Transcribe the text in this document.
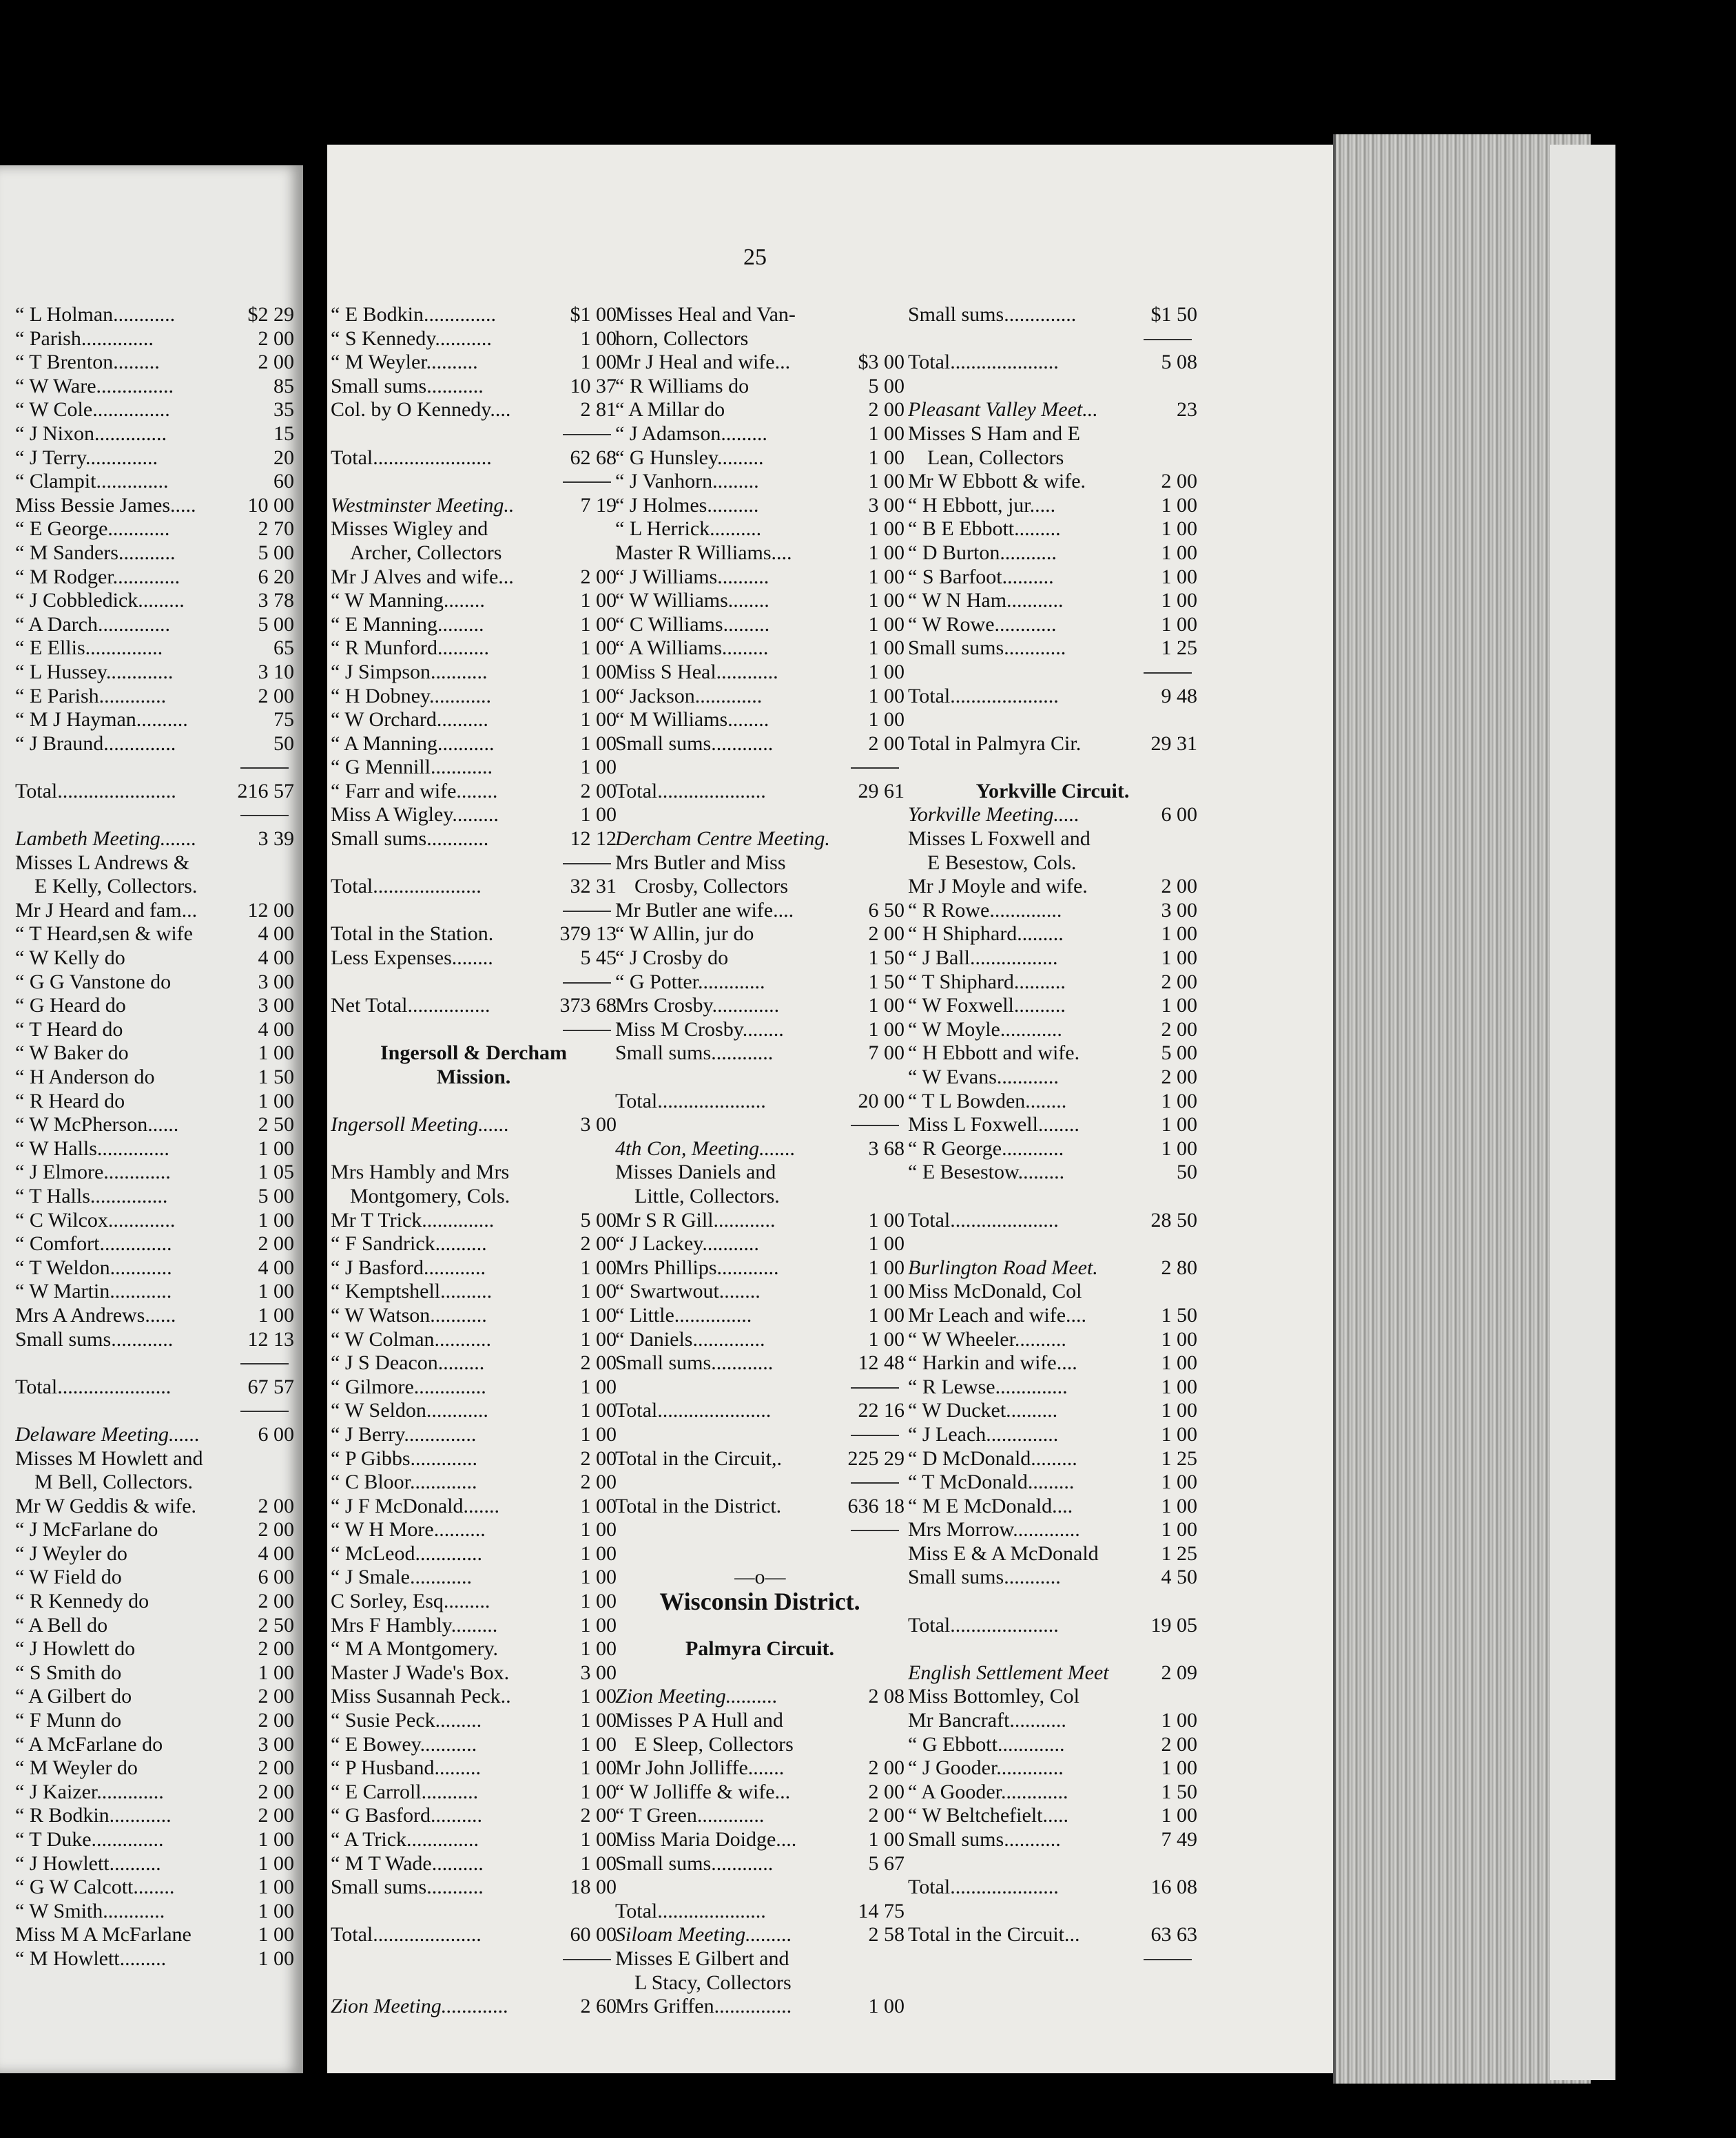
25
“ L Holman............	$2 29
“ Parish..............	2 00
“ T Brenton.........	2 00
“ W Ware...............	85
“ W Cole...............	35
“ J Nixon..............	15
“ J Terry..............	20
“ Clampit..............	60
Miss Bessie James.....	10 00
“ E George............	2 70
“ M Sanders...........	5 00
“ M Rodger.............	6 20
“ J Cobbledick.........	3 78
“ A Darch..............	5 00
“ E Ellis...............	65
“ L Hussey.............	3 10
“ E Parish.............	2 00
“ M J Hayman..........	75
“ J Braund..............	50
Total.......................	216 57
Lambeth Meeting.......	3 39
Misses L Andrews &
E Kelly, Collectors.
Mr J Heard and fam...	12 00
“ T Heard,sen & wife	4 00
“ W Kelly do	4 00
“ G G Vanstone do	3 00
“ G Heard do	3 00
“ T Heard do	4 00
“ W Baker do	1 00
“ H Anderson do	1 50
“ R Heard do	1 00
“ W McPherson......	2 50
“ W Halls..............	1 00
“ J Elmore.............	1 05
“ T Halls...............	5 00
“ C Wilcox.............	1 00
“ Comfort..............	2 00
“ T Weldon............	4 00
“ W Martin............	1 00
Mrs A Andrews......	1 00
Small sums............	12 13
Total......................	67 57
Delaware Meeting......	6 00
Misses M Howlett and
M Bell, Collectors.
Mr W Geddis & wife.	2 00
“ J McFarlane do	2 00
“ J Weyler do	4 00
“ W Field do	6 00
“ R Kennedy do	2 00
“ A Bell do	2 50
“ J Howlett do	2 00
“ S Smith do	1 00
“ A Gilbert do	2 00
“ F Munn do	2 00
“ A McFarlane do	3 00
“ M Weyler do	2 00
“ J Kaizer.............	2 00
“ R Bodkin............	2 00
“ T Duke..............	1 00
“ J Howlett..........	1 00
“ G W Calcott........	1 00
“ W Smith............	1 00
Miss M A McFarlane	1 00
“ M Howlett.........	1 00
“ E Bodkin..............	$1 00
“ S Kennedy...........	1 00
“ M Weyler..........	1 00
Small sums...........	10 37
Col. by O Kennedy....	2 81
Total.......................	62 68
Westminster Meeting..	7 19
Misses Wigley and
Archer, Collectors
Mr J Alves and wife...	2 00
“ W Manning........	1 00
“ E Manning.........	1 00
“ R Munford..........	1 00
“ J Simpson...........	1 00
“ H Dobney............	1 00
“ W Orchard..........	1 00
“ A Manning...........	1 00
“ G Mennill............	1 00
“ Farr and wife........	2 00
Miss A Wigley.........	1 00
Small sums............	12 12
Total.....................	32 31
Total in the Station.	379 13
Less Expenses........	5 45
Net Total................	373 68
Ingersoll & Dercham
Mission.
Ingersoll Meeting......	3 00
Mrs Hambly and Mrs
Montgomery, Cols.
Mr T Trick..............	5 00
“ F Sandrick..........	2 00
“ J Basford............	1 00
“ Kemptshell..........	1 00
“ W Watson...........	1 00
“ W Colman...........	1 00
“ J S Deacon.........	2 00
“ Gilmore..............	1 00
“ W Seldon............	1 00
“ J Berry..............	1 00
“ P Gibbs.............	2 00
“ C Bloor.............	2 00
“ J F McDonald.......	1 00
“ W H More..........	1 00
“ McLeod.............	1 00
“ J Smale............	1 00
C Sorley, Esq.........	1 00
Mrs F Hambly.........	1 00
“ M A Montgomery.	1 00
Master J Wade's Box.	3 00
Miss Susannah Peck..	1 00
“ Susie Peck.........	1 00
“ E Bowey...........	1 00
“ P Husband.........	1 00
“ E Carroll...........	1 00
“ G Basford..........	2 00
“ A Trick..............	1 00
“ M T Wade..........	1 00
Small sums...........	18 00
Total.....................	60 00
Zion Meeting.............	2 60
Misses Heal and Van-
horn, Collectors
Mr J Heal and wife...	$3 00
“ R Williams do	5 00
“ A Millar do	2 00
“ J Adamson.........	1 00
“ G Hunsley.........	1 00
“ J Vanhorn.........	1 00
“ J Holmes..........	3 00
“ L Herrick..........	1 00
Master R Williams....	1 00
“ J Williams..........	1 00
“ W Williams........	1 00
“ C Williams.........	1 00
“ A Williams.........	1 00
Miss S Heal............	1 00
“ Jackson.............	1 00
“ M Williams........	1 00
Small sums............	2 00
Total.....................	29 61
Dercham Centre Meeting.
Mrs Butler and Miss
Crosby, Collectors
Mr Butler ane wife....	6 50
“ W Allin, jur do	2 00
“ J Crosby do	1 50
“ G Potter.............	1 50
Mrs Crosby.............	1 00
Miss M Crosby........	1 00
Small sums............	7 00
Total.....................	20 00
4th Con, Meeting.......	3 68
Misses Daniels and
Little, Collectors.
Mr S R Gill............	1 00
“ J Lackey...........	1 00
Mrs Phillips............	1 00
“ Swartwout........	1 00
“ Little...............	1 00
“ Daniels..............	1 00
Small sums............	12 48
Total......................	22 16
Total in the Circuit,.	225 29
Total in the District.	636 18
—o—
Wisconsin District.
Palmyra Circuit.
Zion Meeting..........	2 08
Misses P A Hull and
E Sleep, Collectors
Mr John Jolliffe.......	2 00
“ W Jolliffe & wife...	2 00
“ T Green.............	2 00
Miss Maria Doidge....	1 00
Small sums............	5 67
Total.....................	14 75
Siloam Meeting.........	2 58
Misses E Gilbert and
L Stacy, Collectors
Mrs Griffen...............	1 00
Small sums..............	$1 50
Total.....................	5 08
Pleasant Valley Meet...	23
Misses S Ham and E
Lean, Collectors
Mr W Ebbott & wife.	2 00
“ H Ebbott, jur.....	1 00
“ B E Ebbott.........	1 00
“ D Burton...........	1 00
“ S Barfoot..........	1 00
“ W N Ham...........	1 00
“ W Rowe............	1 00
Small sums............	1 25
Total.....................	9 48
Total in Palmyra Cir.	29 31
Yorkville Circuit.
Yorkville Meeting.....	6 00
Misses L Foxwell and
E Besestow, Cols.
Mr J Moyle and wife.	2 00
“ R Rowe..............	3 00
“ H Shiphard.........	1 00
“ J Ball.................	1 00
“ T Shiphard..........	2 00
“ W Foxwell..........	1 00
“ W Moyle............	2 00
“ H Ebbott and wife.	5 00
“ W Evans............	2 00
“ T L Bowden........	1 00
Miss L Foxwell........	1 00
“ R George............	1 00
“ E Besestow.........	50
Total.....................	28 50
Burlington Road Meet.	2 80
Miss McDonald, Col
Mr Leach and wife....	1 50
“ W Wheeler..........	1 00
“ Harkin and wife....	1 00
“ R Lewse..............	1 00
“ W Ducket..........	1 00
“ J Leach..............	1 00
“ D McDonald.........	1 25
“ T McDonald.........	1 00
“ M E McDonald....	1 00
Mrs Morrow.............	1 00
Miss E & A McDonald	1 25
Small sums...........	4 50
Total.....................	19 05
English Settlement Meet	2 09
Miss Bottomley, Col
Mr Bancraft...........	1 00
“ G Ebbott.............	2 00
“ J Gooder.............	1 00
“ A Gooder.............	1 50
“ W Beltchefielt.....	1 00
Small sums...........	7 49
Total.....................	16 08
Total in the Circuit...	63 63
